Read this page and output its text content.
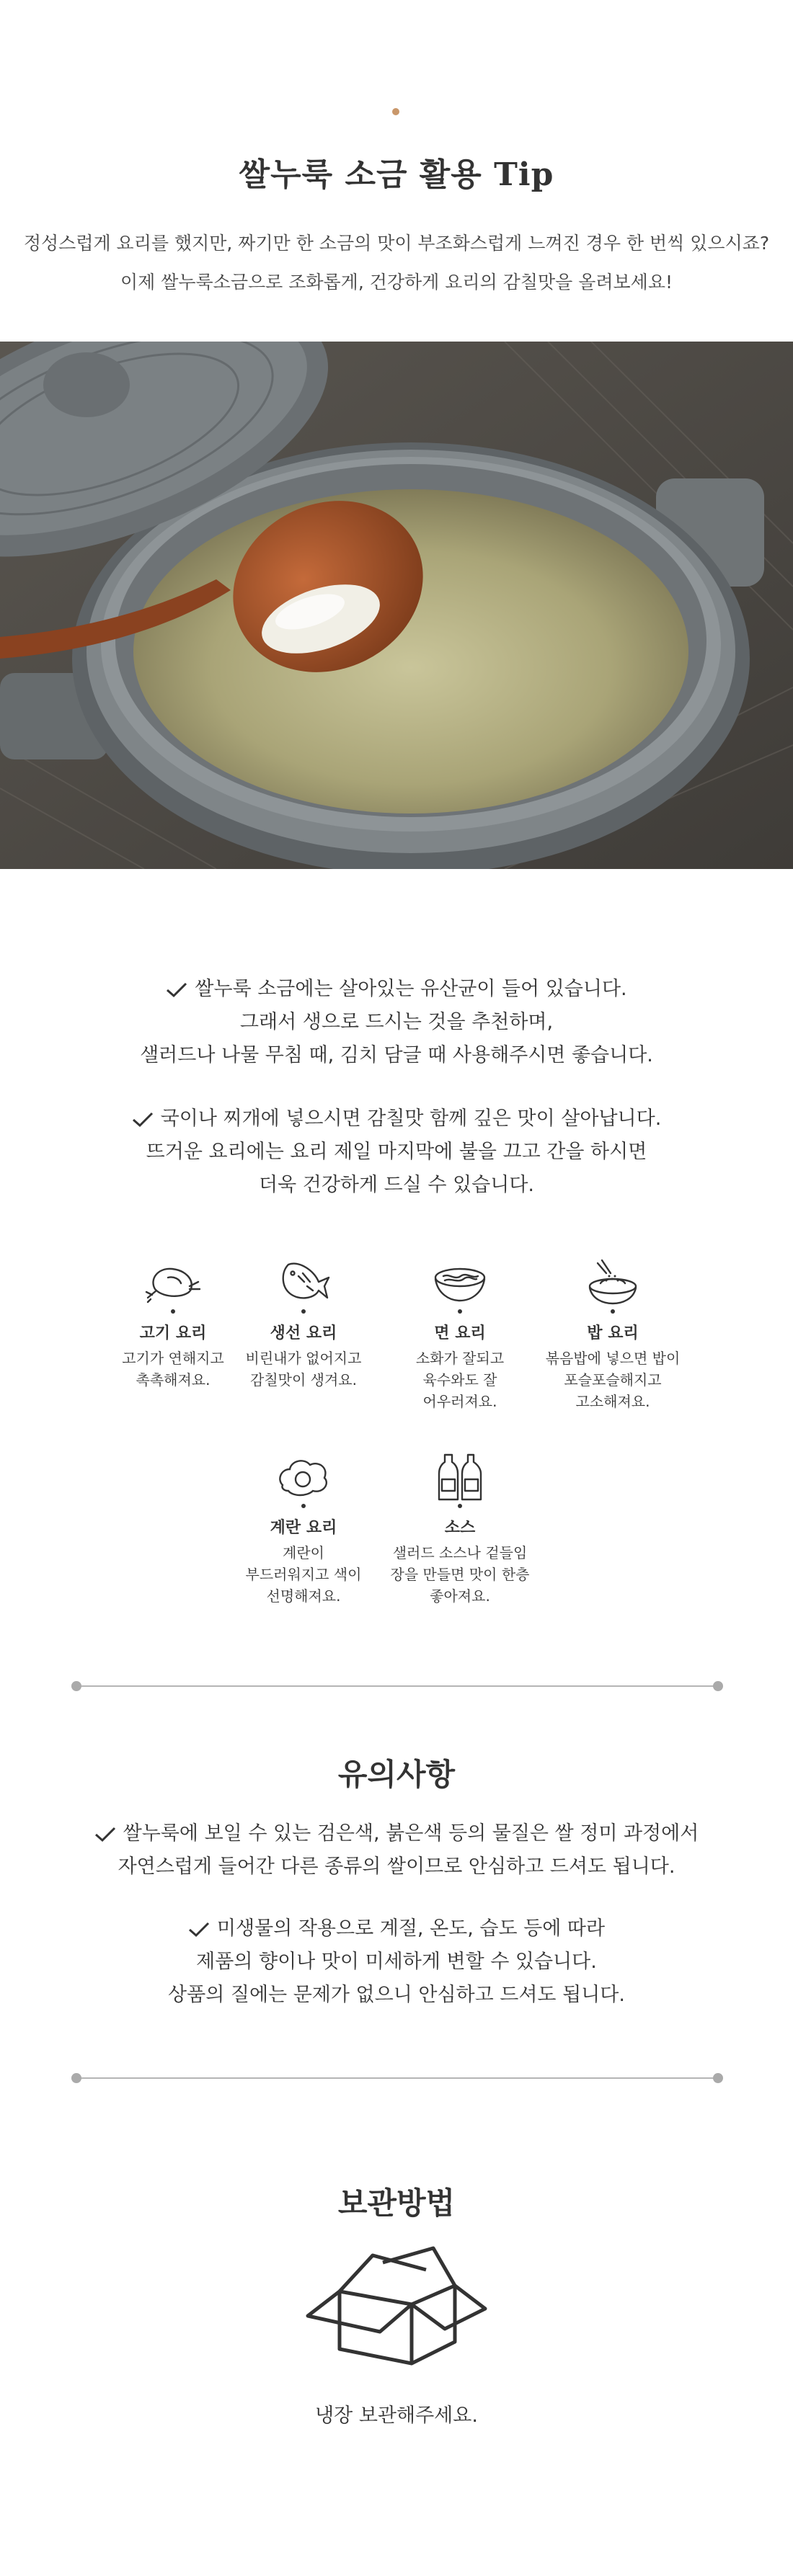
쌀누룩 소금 활용 Tip

정성스럽게 요리를 했지만, 짜기만 한 소금의 맛이 부조화스럽게 느껴진 경우 한 번씩 있으시죠?

이제 쌀누룩소금으로 조화롭게, 건강하게 요리의 감칠맛을 올려보세요!

쌀누룩 소금에는 살아있는 유산균이 들어 있습니다.
그래서 생으로 드시는 것을 추천하며,
샐러드나 나물 무침 때, 김치 담글 때 사용해주시면 좋습니다.
국이나 찌개에 넣으시면 감칠맛 함께 깊은 맛이 살아납니다.
뜨거운 요리에는 요리 제일 마지막에 불을 끄고 간을 하시면
더욱 건강하게 드실 수 있습니다.
고기 요리
고기가 연해지고
촉촉해져요.
생선 요리
비린내가 없어지고
감칠맛이 생겨요.
면 요리
소화가 잘되고
육수와도 잘
어우러져요.
밥 요리
볶음밥에 넣으면 밥이
포슬포슬해지고
고소해져요.
계란 요리
계란이
부드러워지고 색이
선명해져요.
소스
샐러드 소스나 겉들임
장을 만들면 맛이 한층
좋아져요.
유의사항
쌀누룩에 보일 수 있는 검은색, 붉은색 등의 물질은 쌀 정미 과정에서
자연스럽게 들어간 다른 종류의 쌀이므로 안심하고 드셔도 됩니다.
미생물의 작용으로 계절, 온도, 습도 등에 따라
제품의 향이나 맛이 미세하게 변할 수 있습니다.
상품의 질에는 문제가 없으니 안심하고 드셔도 됩니다.
보관방법

냉장 보관해주세요.
